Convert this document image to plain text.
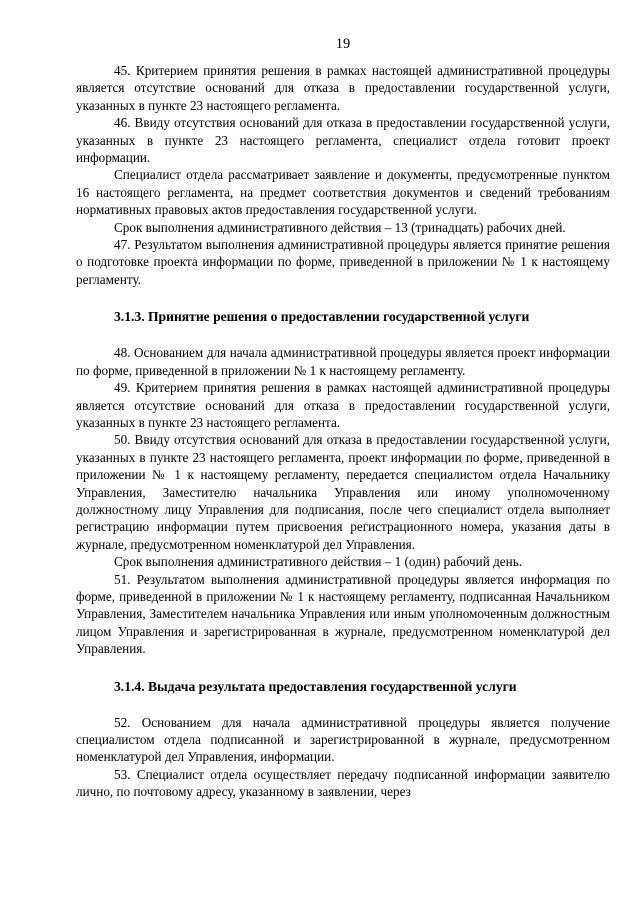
19

45. Критерием принятия решения в рамках настоящей административной процедуры является отсутствие оснований для отказа в предоставлении государственной услуги, указанных в пункте 23 настоящего регламента.

46. Ввиду отсутствия оснований для отказа в предоставлении государственной услуги, указанных в пункте 23 настоящего регламента, специалист отдела готовит проект информации.

Специалист отдела рассматривает заявление и документы, предусмотренные пунктом 16 настоящего регламента, на предмет соответствия документов и сведений требованиям нормативных правовых актов предоставления государственной услуги.

Срок выполнения административного действия – 13 (тринадцать) рабочих дней.

47. Результатом выполнения административной процедуры является принятие решения о подготовке проекта информации по форме, приведенной в приложении № 1 к настоящему регламенту.

3.1.3. Принятие решения о предоставлении государственной услуги

48. Основанием для начала административной процедуры является проект информации по форме, приведенной в приложении № 1 к настоящему регламенту.

49. Критерием принятия решения в рамках настоящей административной процедуры является отсутствие оснований для отказа в предоставлении государственной услуги, указанных в пункте 23 настоящего регламента.

50. Ввиду отсутствия оснований для отказа в предоставлении государственной услуги, указанных в пункте 23 настоящего регламента, проект информации по форме, приведенной в приложении № 1 к настоящему регламенту, передается специалистом отдела Начальнику Управления, Заместителю начальника Управления или иному уполномоченному должностному лицу Управления для подписания, после чего специалист отдела выполняет регистрацию информации путем присвоения регистрационного номера, указания даты в журнале, предусмотренном номенклатурой дел Управления.

Срок выполнения административного действия – 1 (один) рабочий день.

51. Результатом выполнения административной процедуры является информация по форме, приведенной в приложении № 1 к настоящему регламенту, подписанная Начальником Управления, Заместителем начальника Управления или иным уполномоченным должностным лицом Управления и зарегистрированная в журнале, предусмотренном номенклатурой дел Управления.

3.1.4. Выдача результата предоставления государственной услуги

52. Основанием для начала административной процедуры является получение специалистом отдела подписанной и зарегистрированной в журнале, предусмотренном номенклатурой дел Управления, информации.

53. Специалист отдела осуществляет передачу подписанной информации заявителю лично, по почтовому адресу, указанному в заявлении, через
